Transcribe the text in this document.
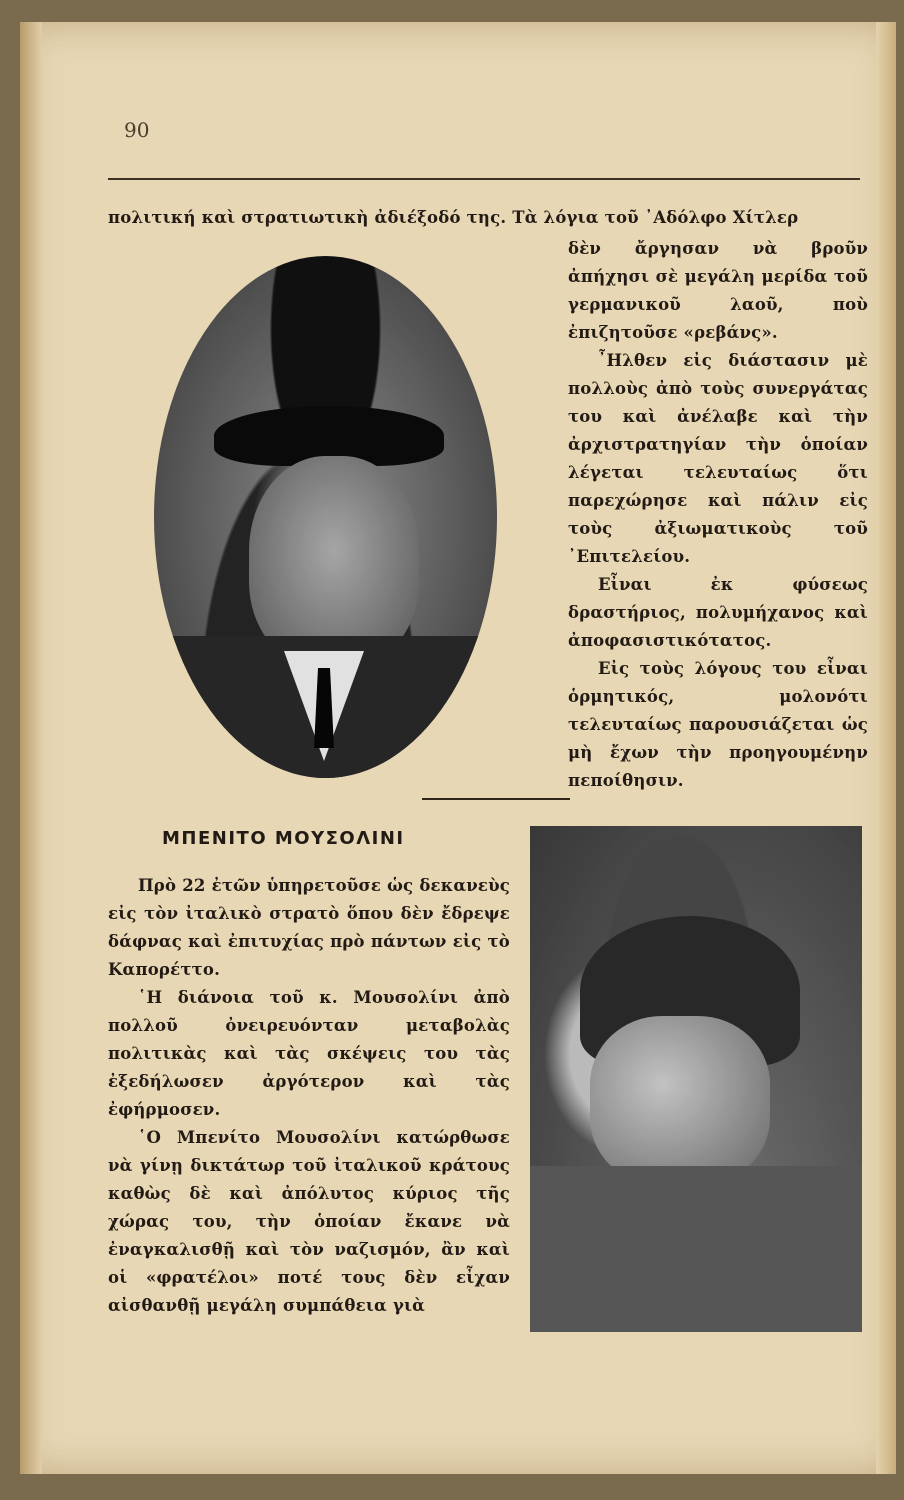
90

πολιτική καὶ στρατιωτικὴ ἀδιέξοδό της. Τὰ λόγια τοῦ ᾿Αδόλφο Χίτλερ

δὲν ἄργησαν νὰ βροῦν ἀπήχησι σὲ μεγάλη μερίδα τοῦ γερμανικοῦ λαοῦ, ποὺ ἐπιζητοῦσε «ρεβάνς».

῏Ηλθεν εἰς διάστασιν μὲ πολλοὺς ἀπὸ τοὺς συνεργάτας του καὶ ἀνέλαβε καὶ τὴν ἀρχιστρατηγίαν τὴν ὁποίαν λέγεται τελευταίως ὅτι παρεχώρησε καὶ πάλιν εἰς τοὺς ἀξιωματικοὺς τοῦ ᾿Επιτελείου.

Εἶναι ἐκ φύσεως δραστήριος, πολυμήχανος καὶ ἀποφασιστικότατος.

Εἰς τοὺς λόγους του εἶναι ὁρμητικός, μολονότι τελευταίως παρουσιάζεται ὡς μὴ ἔχων τὴν προηγουμένην πεποίθησιν.

ΜΠΕΝΙΤΟ ΜΟΥΣΟΛΙΝΙ

Πρὸ 22 ἐτῶν ὑπηρετοῦσε ὡς δεκανεὺς εἰς τὸν ἰταλικὸ στρατὸ ὅπου δὲν ἔδρεψε δάφνας καὶ ἐπιτυχίας πρὸ πάντων εἰς τὸ Καπορέττο.

῾Η διάνοια τοῦ κ. Μουσολίνι ἀπὸ πολλοῦ ὀνειρευόνταν μεταβολὰς πολιτικὰς καὶ τὰς σκέψεις του τὰς ἐξεδήλωσεν ἀργότερον καὶ τὰς ἐφήρμοσεν.

῾Ο Μπενίτο Μουσολίνι κατώρθωσε νὰ γίνῃ δικτάτωρ τοῦ ἰταλικοῦ κράτους καθὼς δὲ καὶ ἀπόλυτος κύριος τῆς χώρας του, τὴν ὁποίαν ἔκανε νὰ ἐναγκαλισθῇ καὶ τὸν ναζισμόν, ἂν καὶ οἱ «φρατέλοι» ποτέ τους δὲν εἶχαν αἰσθανθῇ μεγάλη συμπάθεια γιὰ
